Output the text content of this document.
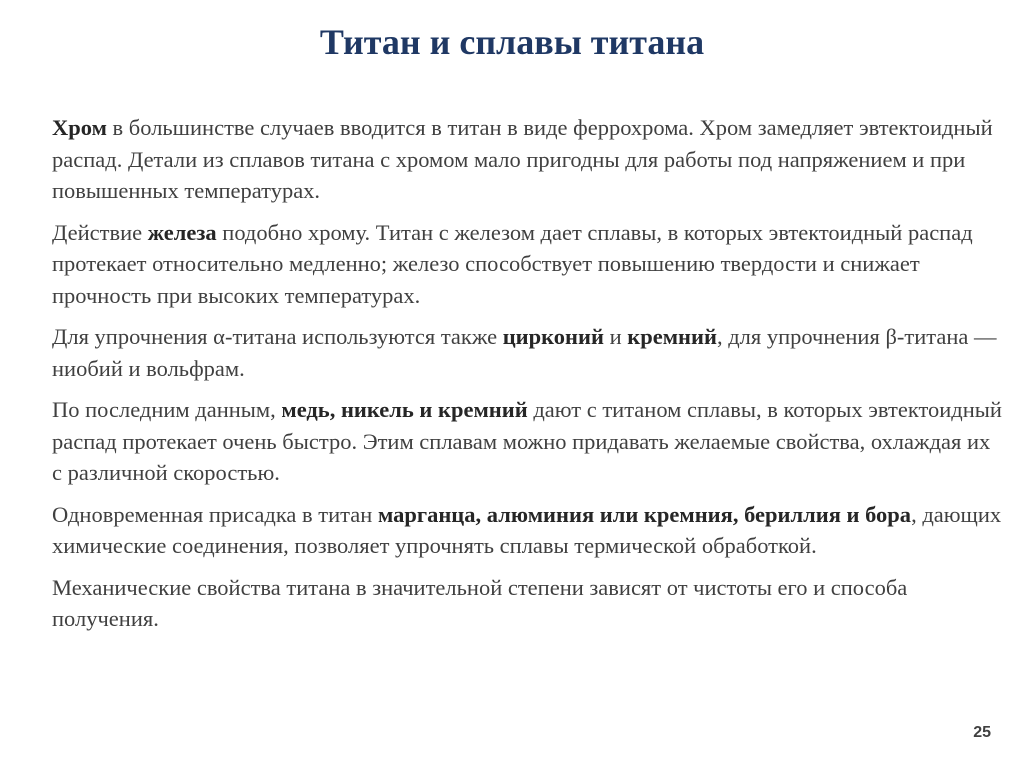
Титан и сплавы титана

Хром в большинстве случаев вводится в титан в виде феррохрома. Хром замедляет эвтектоидный распад. Детали из сплавов титана с хромом мало пригодны для работы под напряжением и при повышенных температурах.

Действие железа подобно хрому. Титан с железом дает сплавы, в которых эвтектоидный распад протекает относительно медленно; железо способствует повышению твердости и снижает прочность при высоких температурах.

Для упрочнения α-титана используются также цирконий и кремний, для упрочнения β-титана — ниобий и вольфрам.

По последним данным, медь, никель и кремний дают с титаном сплавы, в которых эвтектоидный распад протекает очень быстро. Этим сплавам можно придавать желаемые свойства, охлаждая их с различной скоростью.

Одновременная присадка в титан марганца, алюминия или кремния, бериллия и бора, дающих химические соединения, позволяет упрочнять сплавы термической обработкой.

Механические свойства титана в значительной степени зависят от чистоты его и способа получения.

25
